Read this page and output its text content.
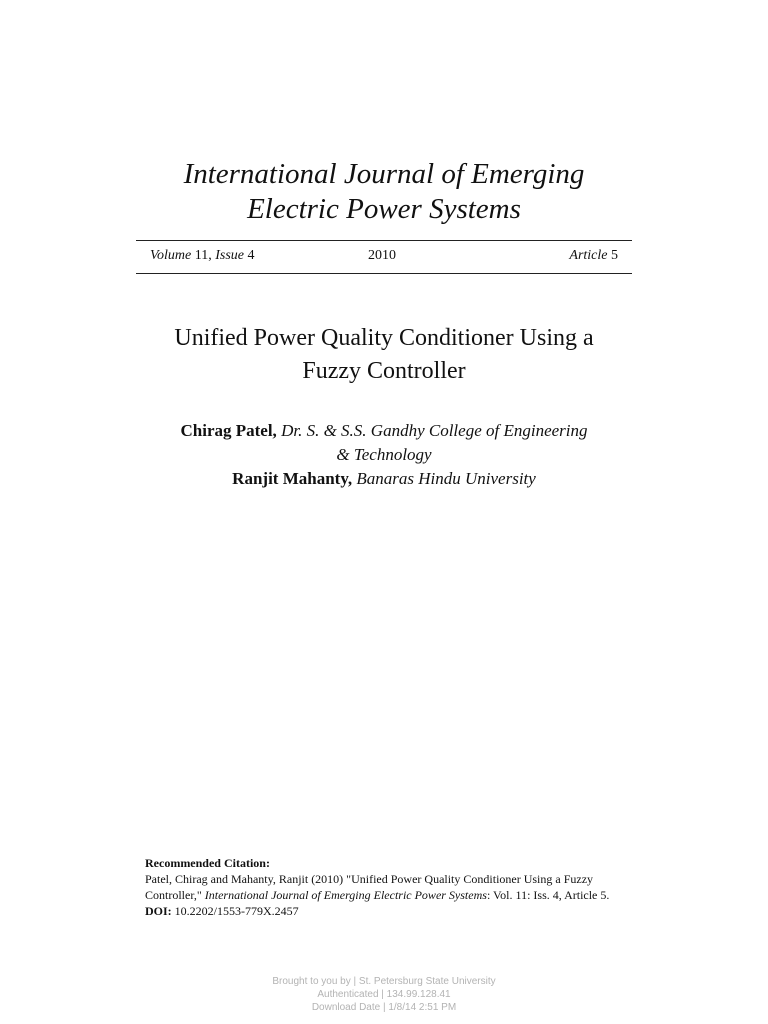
International Journal of Emerging
Electric Power Systems
Volume 11, Issue 4	2010	Article 5
Unified Power Quality Conditioner Using a
Fuzzy Controller
Chirag Patel, Dr. S. & S.S. Gandhy College of Engineering
& Technology
Ranjit Mahanty, Banaras Hindu University
Recommended Citation:
Patel, Chirag and Mahanty, Ranjit (2010) "Unified Power Quality Conditioner Using a Fuzzy Controller," International Journal of Emerging Electric Power Systems: Vol. 11: Iss. 4, Article 5.
DOI: 10.2202/1553-779X.2457
Brought to you by | St. Petersburg State University
Authenticated | 134.99.128.41
Download Date | 1/8/14 2:51 PM
